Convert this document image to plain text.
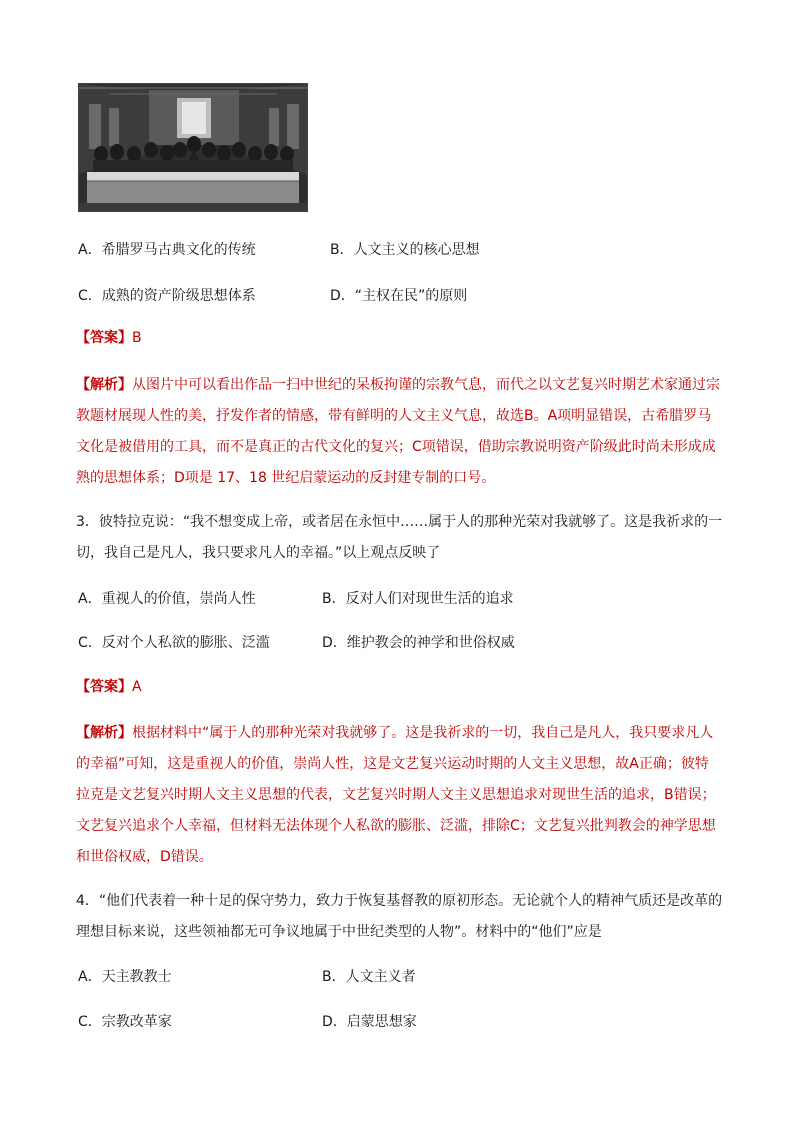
A．希腊罗马古典文化的传统	B．人文主义的核心思想
C．成熟的资产阶级思想体系	D．“主权在民”的原则
【答案】B
【解析】从图片中可以看出作品一扫中世纪的呆板拘谨的宗教气息，而代之以文艺复兴时期艺术家通过宗
教题材展现人性的美，抒发作者的情感，带有鲜明的人文主义气息，故选B。A项明显错误，古希腊罗马
文化是被借用的工具，而不是真正的古代文化的复兴；C项错误，借助宗教说明资产阶级此时尚未形成成
熟的思想体系；D项是 17、18 世纪启蒙运动的反封建专制的口号。
3．彼特拉克说：“我不想变成上帝，或者居在永恒中……属于人的那种光荣对我就够了。这是我祈求的一
切，我自己是凡人，我只要求凡人的幸福。”以上观点反映了
A．重视人的价值，崇尚人性	B．反对人们对现世生活的追求
C．反对个人私欲的膨胀、泛滥	D．维护教会的神学和世俗权威
【答案】A
【解析】根据材料中“属于人的那种光荣对我就够了。这是我祈求的一切，我自己是凡人，我只要求凡人
的幸福”可知，这是重视人的价值，崇尚人性，这是文艺复兴运动时期的人文主义思想，故A正确；彼特
拉克是文艺复兴时期人文主义思想的代表，文艺复兴时期人文主义思想追求对现世生活的追求，B错误；
文艺复兴追求个人幸福，但材料无法体现个人私欲的膨胀、泛滥，排除C；文艺复兴批判教会的神学思想
和世俗权威，D错误。
4．“他们代表着一种十足的保守势力，致力于恢复基督教的原初形态。无论就个人的精神气质还是改革的
理想目标来说，这些领袖都无可争议地属于中世纪类型的人物”。材料中的“他们”应是
A．天主教教士	B．人文主义者
C．宗教改革家	D．启蒙思想家
